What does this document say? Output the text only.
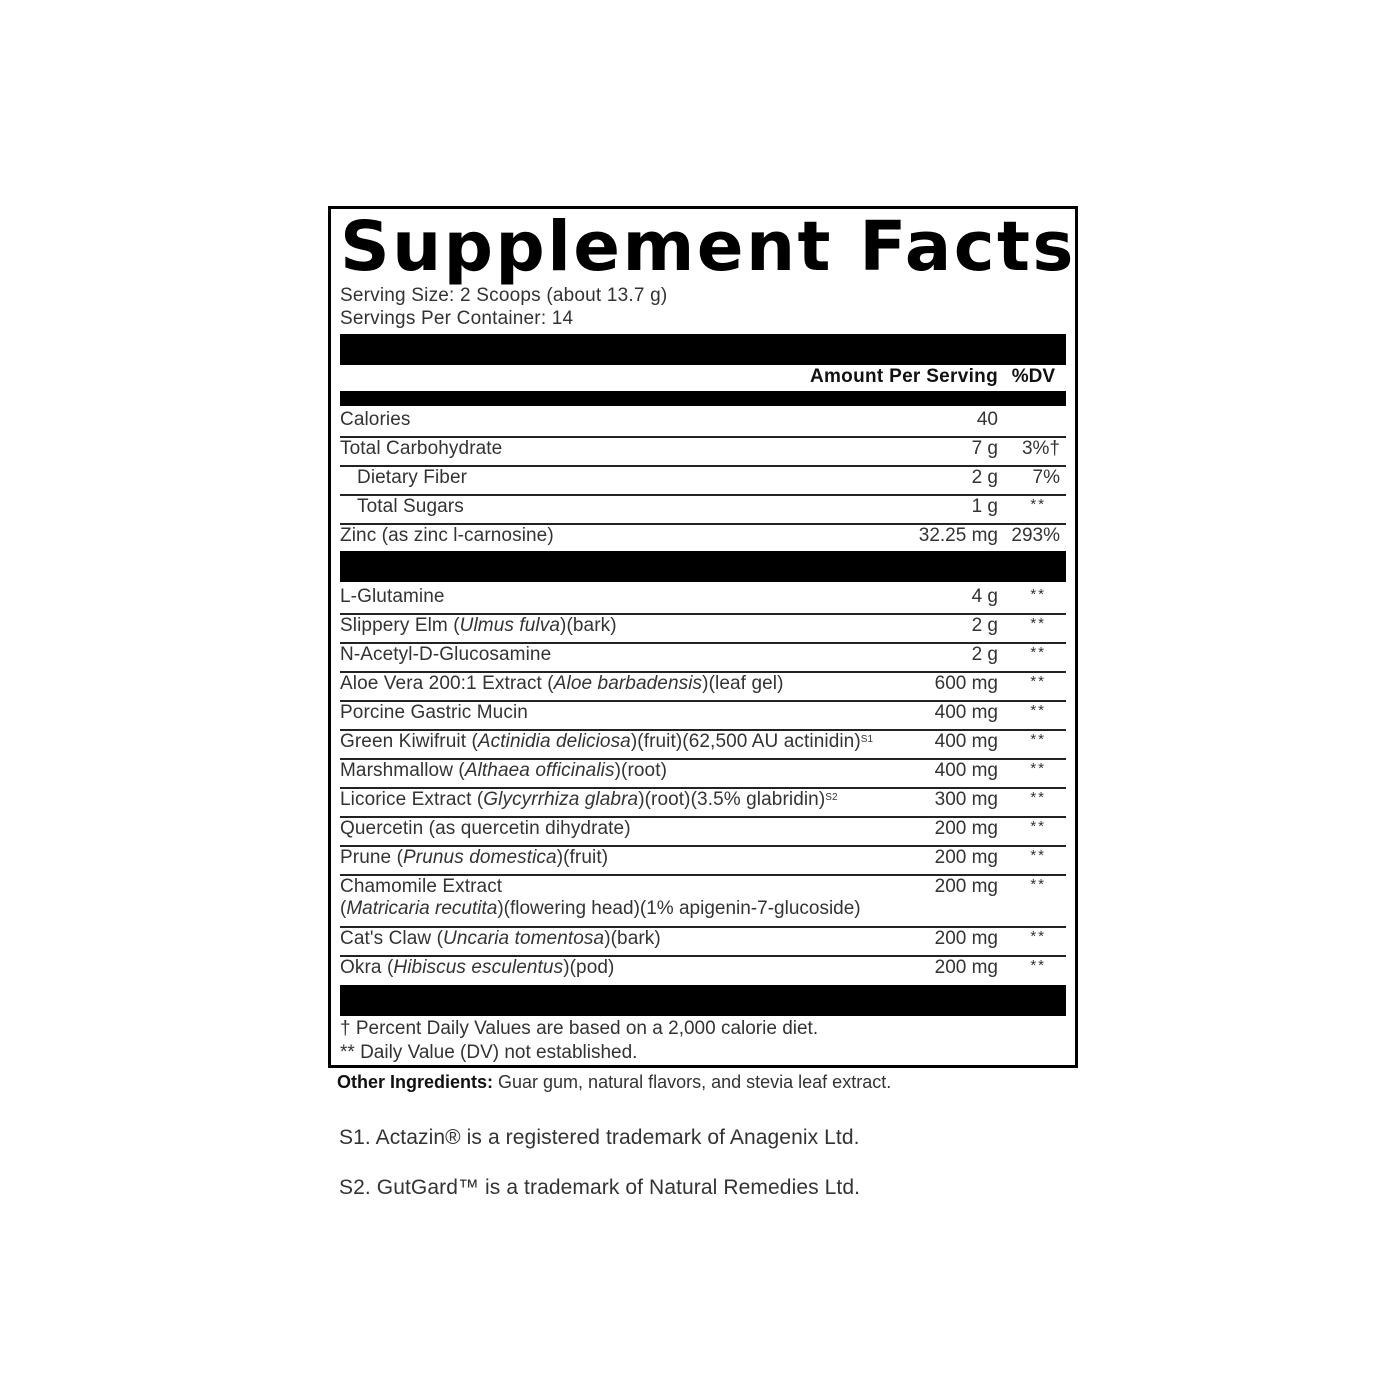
Supplement Facts
Serving Size: 2 Scoops (about 13.7 g)
Servings Per Container: 14
Amount Per Serving %DV
Calories	40
Total Carbohydrate	7 g 3%†
Dietary Fiber	2 g 7%
Total Sugars	1 g **
Zinc (as zinc l-carnosine)	32.25 mg 293%
L-Glutamine	4 g **
Slippery Elm (Ulmus fulva)(bark)	2 g **
N-Acetyl-D-Glucosamine	2 g **
Aloe Vera 200:1 Extract (Aloe barbadensis)(leaf gel)	600 mg **
Porcine Gastric Mucin	400 mg **
Green Kiwifruit (Actinidia deliciosa)(fruit)(62,500 AU actinidin)$^{S1}$	400 mg **
Marshmallow (Althaea officinalis)(root)	400 mg **
Licorice Extract (Glycyrrhiza glabra)(root)(3.5% glabridin)$^{S2}$	300 mg **
Quercetin (as quercetin dihydrate)	200 mg **
Prune (Prunus domestica)(fruit)	200 mg **
Chamomile Extract
(Matricaria recutita)(flowering head)(1% apigenin-7-glucoside)
200 mg **
Cat's Claw (Uncaria tomentosa)(bark)	200 mg **
Okra (Hibiscus esculentus)(pod)	200 mg **
† Percent Daily Values are based on a 2,000 calorie diet.
** Daily Value (DV) not established.
Other Ingredients: Guar gum, natural flavors, and stevia leaf extract.
S1. Actazin® is a registered trademark of Anagenix Ltd.
S2. GutGard™ is a trademark of Natural Remedies Ltd.
